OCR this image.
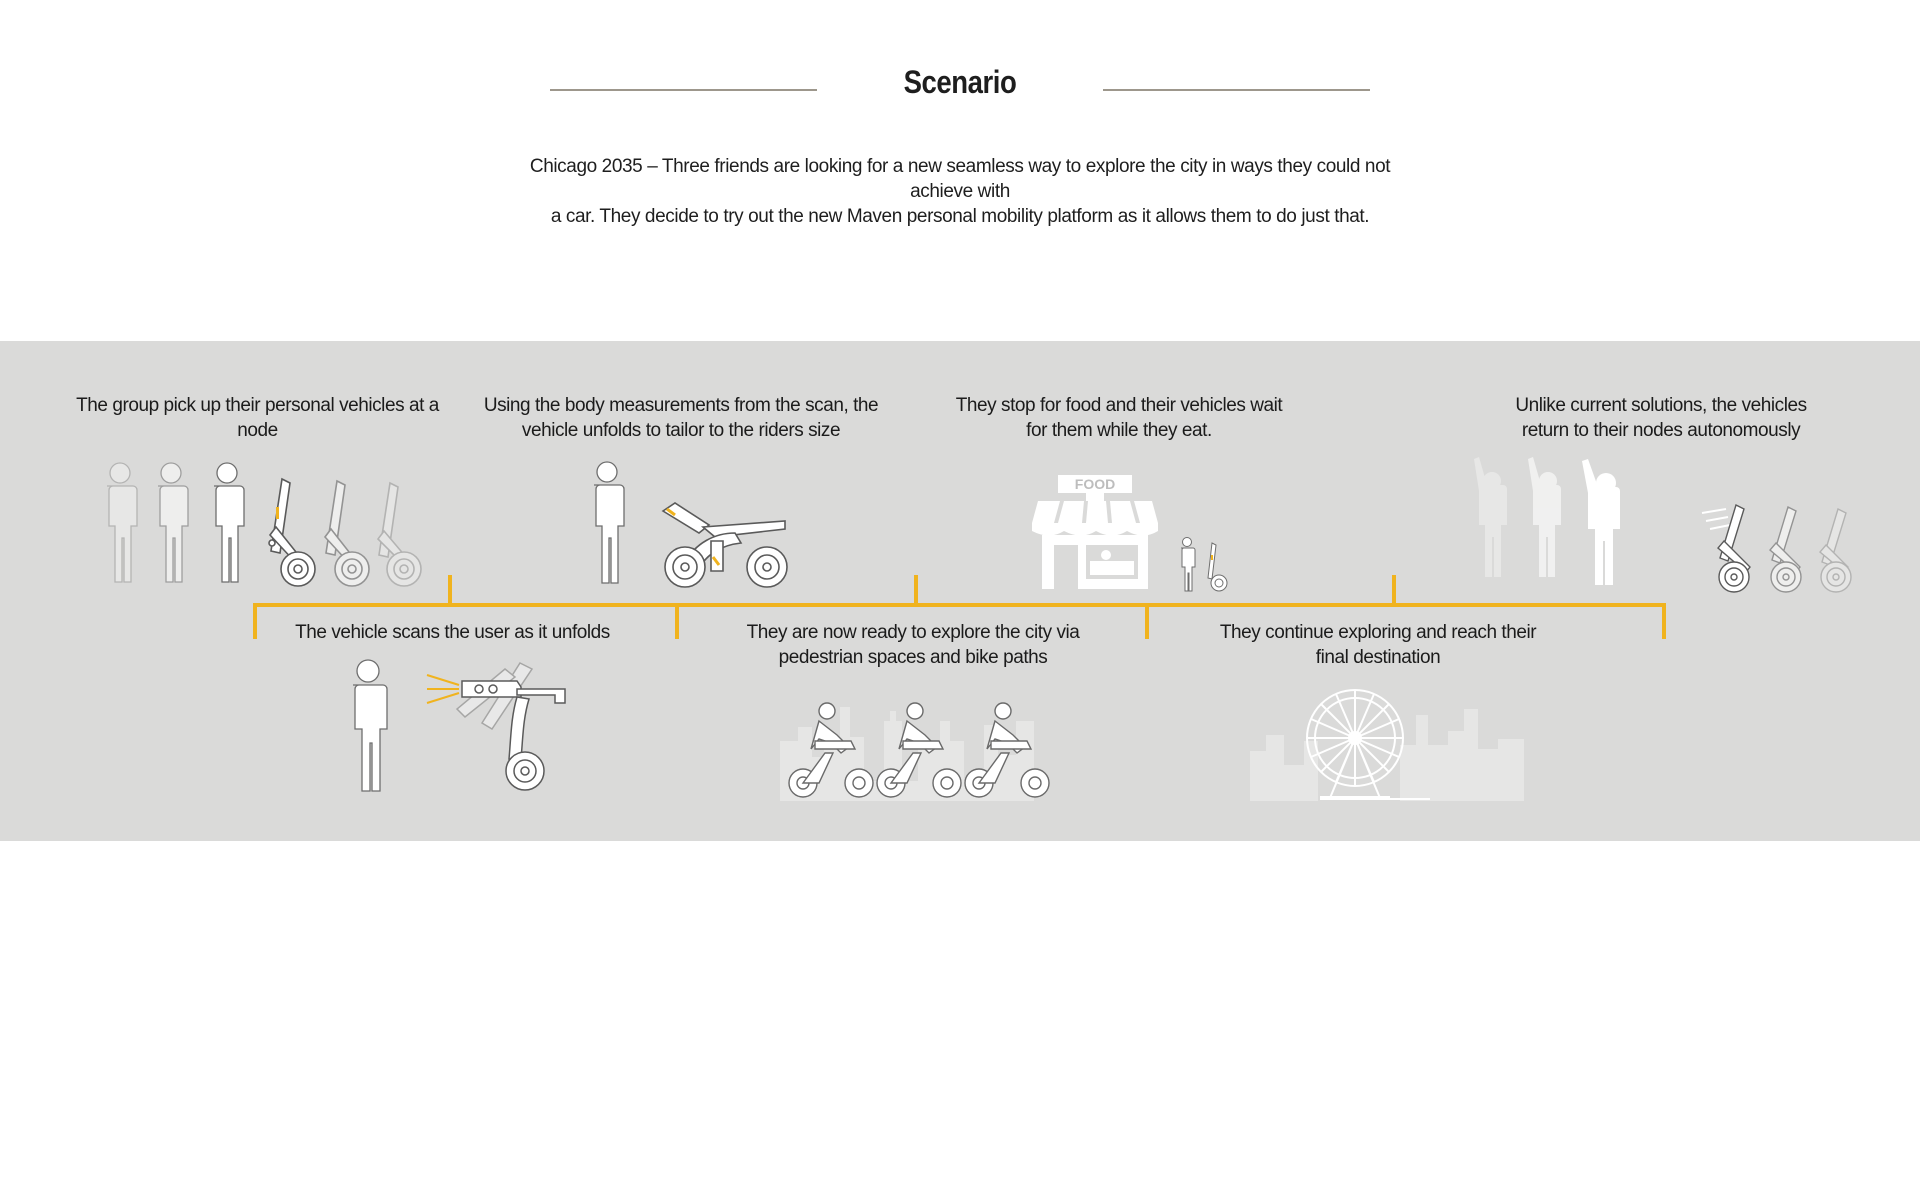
Scenario
Chicago 2035 – Three friends are looking for a new seamless way to explore the city in ways they could not achieve with
a car. They decide to try out the new Maven personal mobility platform as it allows them to do just that.
The group pick up their personal vehicles at a node
The vehicle scans the user as it unfolds
Using the body measurements from the scan, the
vehicle unfolds to tailor to the riders size
They are now ready to explore the city via
pedestrian spaces and bike paths
They stop for food and their vehicles wait
for them while they eat.
They continue exploring and reach their
final destination
Unlike current solutions, the vehicles
return to their nodes autonomously
FOOD
